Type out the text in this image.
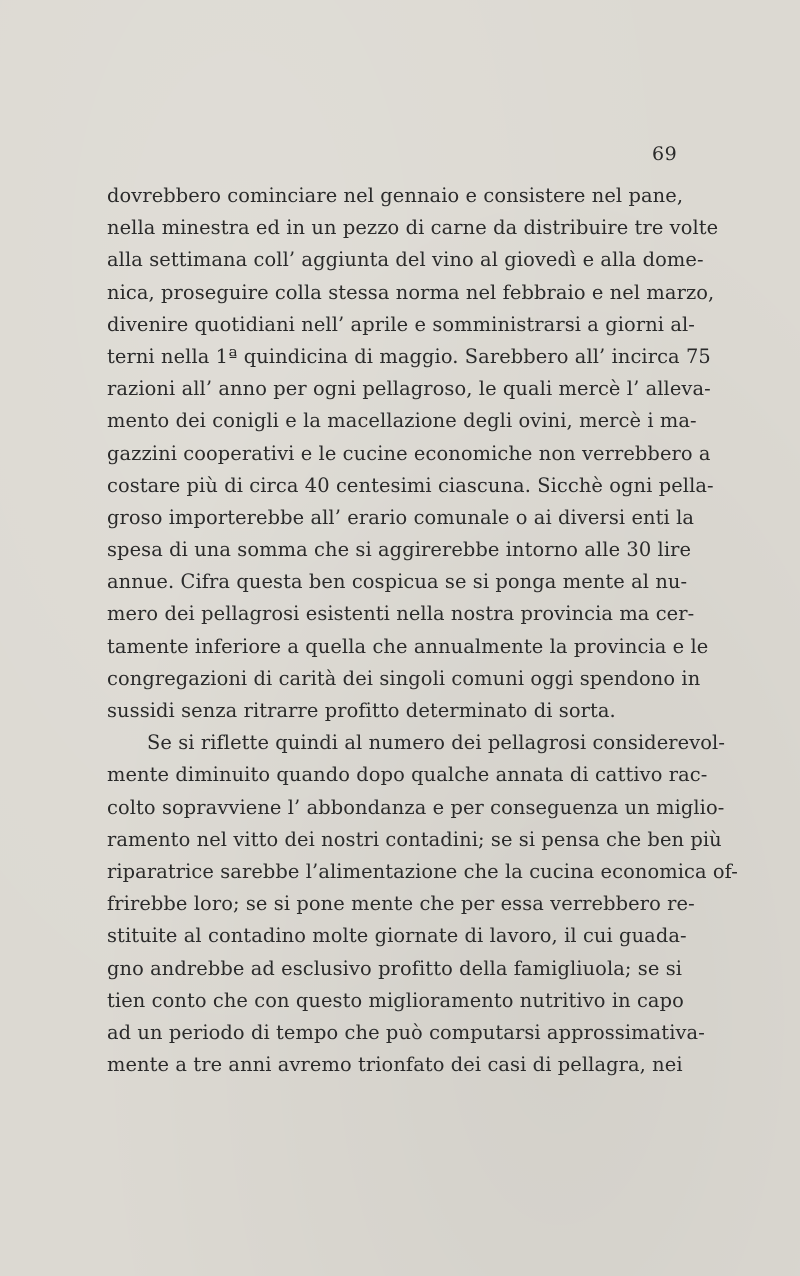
69
dovrebbero cominciare nel gennaio e consistere nel pane,
nella minestra ed in un pezzo di carne da distribuire tre volte
alla settimana coll’ aggiunta del vino al giovedì e alla dome-
nica, proseguire colla stessa norma nel febbraio e nel marzo,
divenire quotidiani nell’ aprile e somministrarsi a giorni al-
terni nella 1ª quindicina di maggio. Sarebbero all’ incirca 75
razioni all’ anno per ogni pellagroso, le quali mercè l’ alleva-
mento dei conigli e la macellazione degli ovini, mercè i ma-
gazzini cooperativi e le cucine economiche non verrebbero a
costare più di circa 40 centesimi ciascuna. Sicchè ogni pella-
groso importerebbe all’ erario comunale o ai diversi enti la
spesa di una somma che si aggirerebbe intorno alle 30 lire
annue. Cifra questa ben cospicua se si ponga mente al nu-
mero dei pellagrosi esistenti nella nostra provincia ma cer-
tamente inferiore a quella che annualmente la provincia e le
congregazioni di carità dei singoli comuni oggi spendono in
sussidi senza ritrarre profitto determinato di sorta.
Se si riflette quindi al numero dei pellagrosi considerevol-
mente diminuito quando dopo qualche annata di cattivo rac-
colto sopravviene l’ abbondanza e per conseguenza un miglio-
ramento nel vitto dei nostri contadini; se si pensa che ben più
riparatrice sarebbe l’alimentazione che la cucina economica of-
frirebbe loro; se si pone mente che per essa verrebbero re-
stituite al contadino molte giornate di lavoro, il cui guada-
gno andrebbe ad esclusivo profitto della famigliuola; se si
tien conto che con questo miglioramento nutritivo in capo
ad un periodo di tempo che può computarsi approssimativa-
mente a tre anni avremo trionfato dei casi di pellagra, nei
